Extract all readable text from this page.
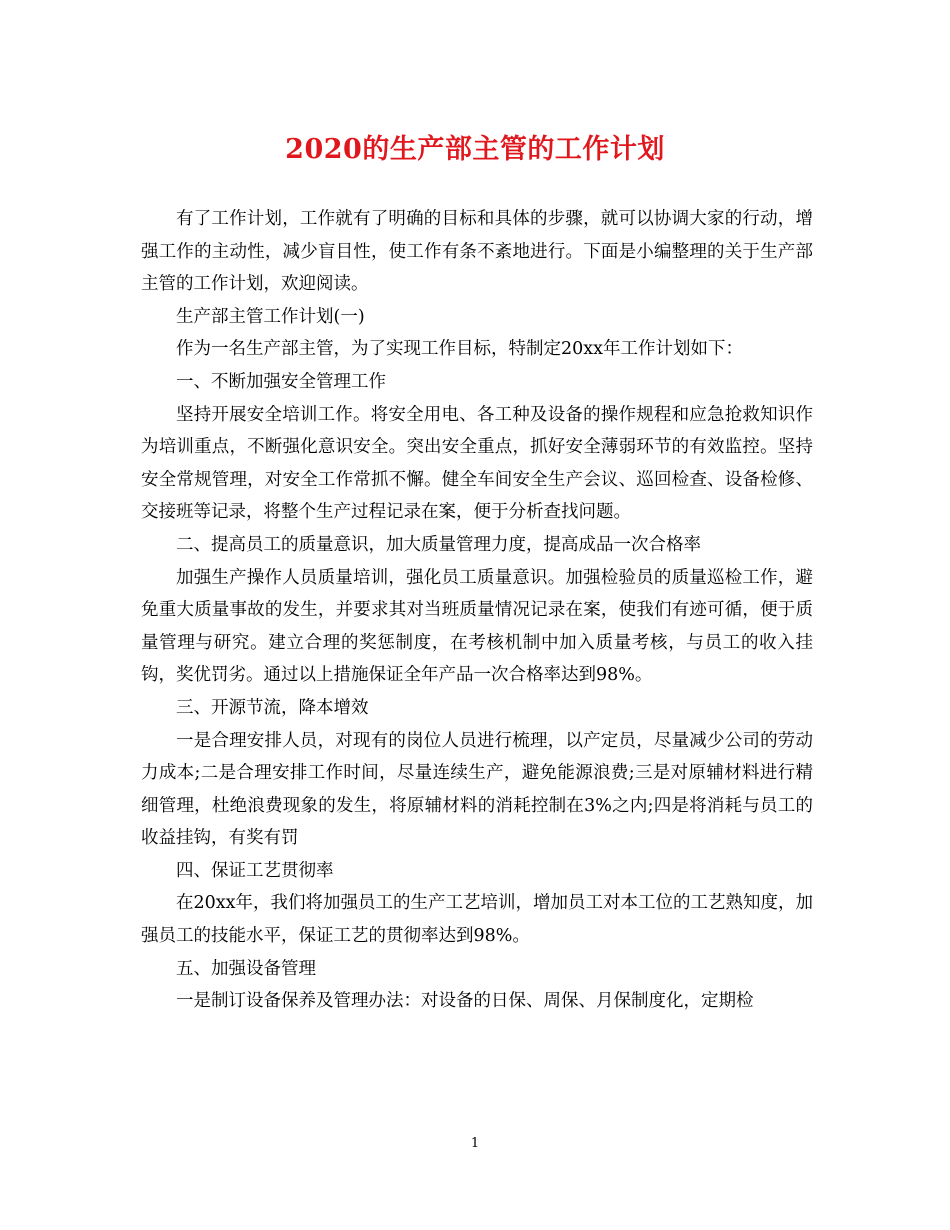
2020的生产部主管的工作计划

有了工作计划，工作就有了明确的目标和具体的步骤，就可以协调大家的行动，增强工作的主动性，减少盲目性，使工作有条不紊地进行。下面是小编整理的关于生产部主管的工作计划，欢迎阅读。

生产部主管工作计划(一)

作为一名生产部主管，为了实现工作目标，特制定20xx年工作计划如下：

一、不断加强安全管理工作

坚持开展安全培训工作。将安全用电、各工种及设备的操作规程和应急抢救知识作为培训重点，不断强化意识安全。突出安全重点，抓好安全薄弱环节的有效监控。坚持安全常规管理，对安全工作常抓不懈。健全车间安全生产会议、巡回检查、设备检修、交接班等记录，将整个生产过程记录在案，便于分析查找问题。

二、提高员工的质量意识，加大质量管理力度，提高成品一次合格率

加强生产操作人员质量培训，强化员工质量意识。加强检验员的质量巡检工作，避免重大质量事故的发生，并要求其对当班质量情况记录在案，使我们有迹可循，便于质量管理与研究。建立合理的奖惩制度，在考核机制中加入质量考核，与员工的收入挂钩，奖优罚劣。通过以上措施保证全年产品一次合格率达到98%。

三、开源节流，降本增效

一是合理安排人员，对现有的岗位人员进行梳理，以产定员，尽量减少公司的劳动力成本;二是合理安排工作时间，尽量连续生产，避免能源浪费;三是对原辅材料进行精细管理，杜绝浪费现象的发生，将原辅材料的消耗控制在3%之内;四是将消耗与员工的收益挂钩，有奖有罚

四、保证工艺贯彻率

在20xx年，我们将加强员工的生产工艺培训，增加员工对本工位的工艺熟知度，加强员工的技能水平，保证工艺的贯彻率达到98%。

五、加强设备管理

一是制订设备保养及管理办法：对设备的日保、周保、月保制度化，定期检

1
